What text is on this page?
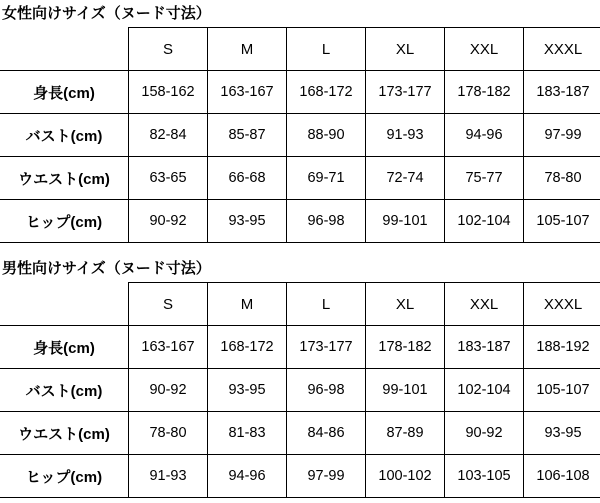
女性向けサイズ（ヌード寸法）
	S	M	L	XL	XXL	XXXL
身長(cm)	158-162	163-167	168-172	173-177	178-182	183-187
バスト(cm)	82-84	85-87	88-90	91-93	94-96	97-99
ウエスト(cm)	63-65	66-68	69-71	72-74	75-77	78-80
ヒップ(cm)	90-92	93-95	96-98	99-101	102-104	105-107
男性向けサイズ（ヌード寸法）
	S	M	L	XL	XXL	XXXL
身長(cm)	163-167	168-172	173-177	178-182	183-187	188-192
バスト(cm)	90-92	93-95	96-98	99-101	102-104	105-107
ウエスト(cm)	78-80	81-83	84-86	87-89	90-92	93-95
ヒップ(cm)	91-93	94-96	97-99	100-102	103-105	106-108
